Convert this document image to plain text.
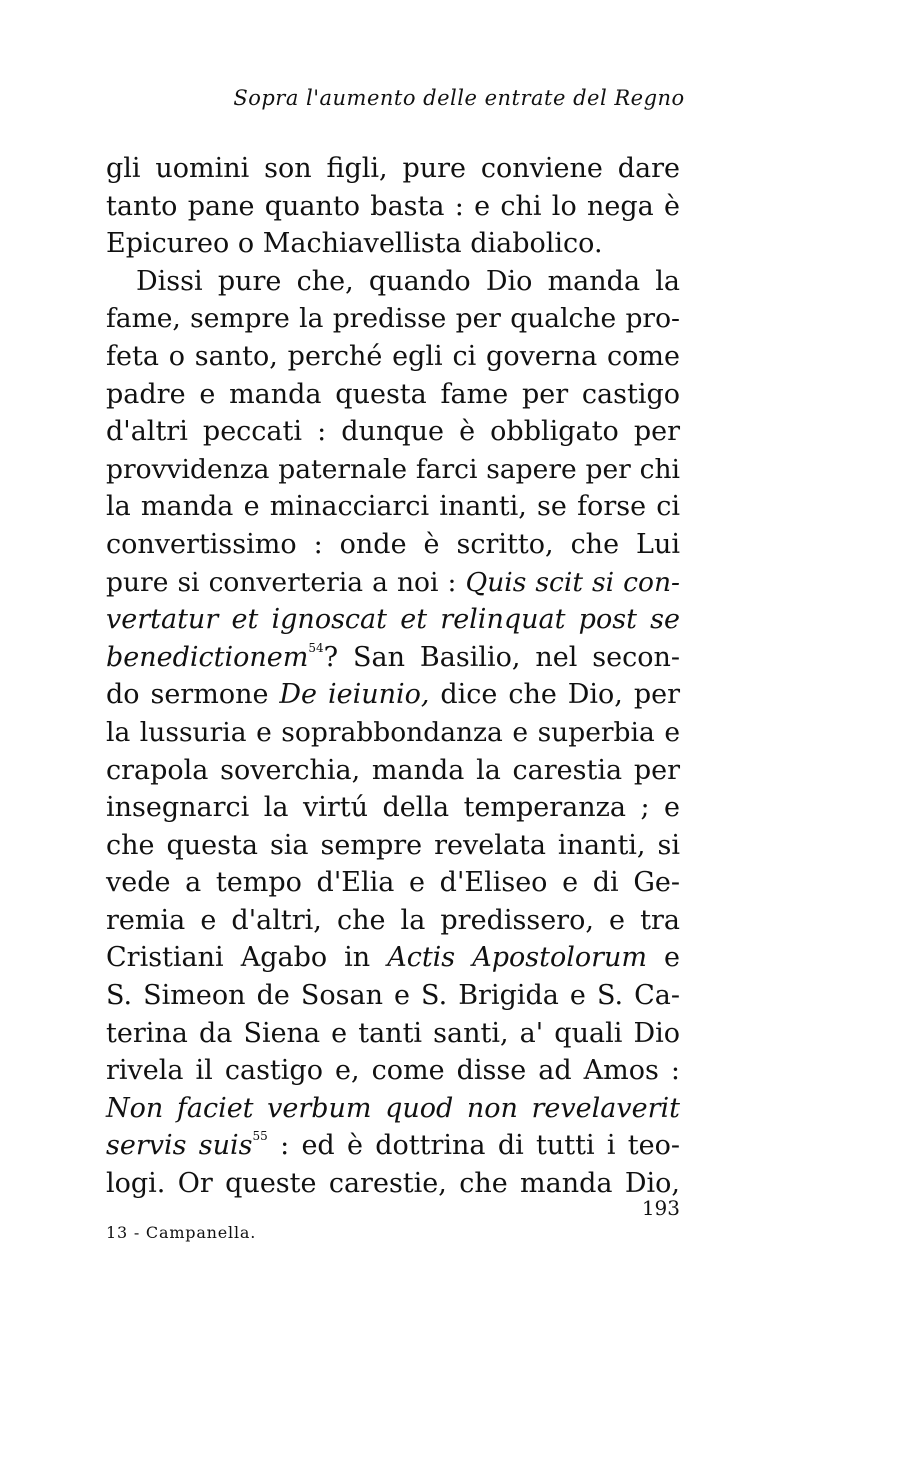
Sopra l'aumento delle entrate del Regno
gli uomini son figli, pure conviene dare
tanto pane quanto basta : e chi lo nega è
Epicureo o Machiavellista diabolico.
Dissi pure che, quando Dio manda la
fame, sempre la predisse per qualche pro-
feta o santo, perché egli ci governa come
padre e manda questa fame per castigo
d'altri peccati : dunque è obbligato per
provvidenza paternale farci sapere per chi
la manda e minacciarci inanti, se forse ci
convertissimo : onde è scritto, che Lui
pure si converteria a noi : Quis scit si con-
vertatur et ignoscat et relinquat post se
benedictionem$^{54}$? San Basilio, nel secon-
do sermone De ieiunio, dice che Dio, per
la lussuria e soprabbondanza e superbia e
crapola soverchia, manda la carestia per
insegnarci la virtú della temperanza ; e
che questa sia sempre revelata inanti, si
vede a tempo d'Elia e d'Eliseo e di Ge-
remia e d'altri, che la predissero, e tra
Cristiani Agabo in Actis Apostolorum e
S. Simeon de Sosan e S. Brigida e S. Ca-
terina da Siena e tanti santi, a' quali Dio
rivela il castigo e, come disse ad Amos :
Non faciet verbum quod non revelaverit
servis suis$^{55}$ : ed è dottrina di tutti i teo-
logi. Or queste carestie, che manda Dio,
193
13 - Campanella.
